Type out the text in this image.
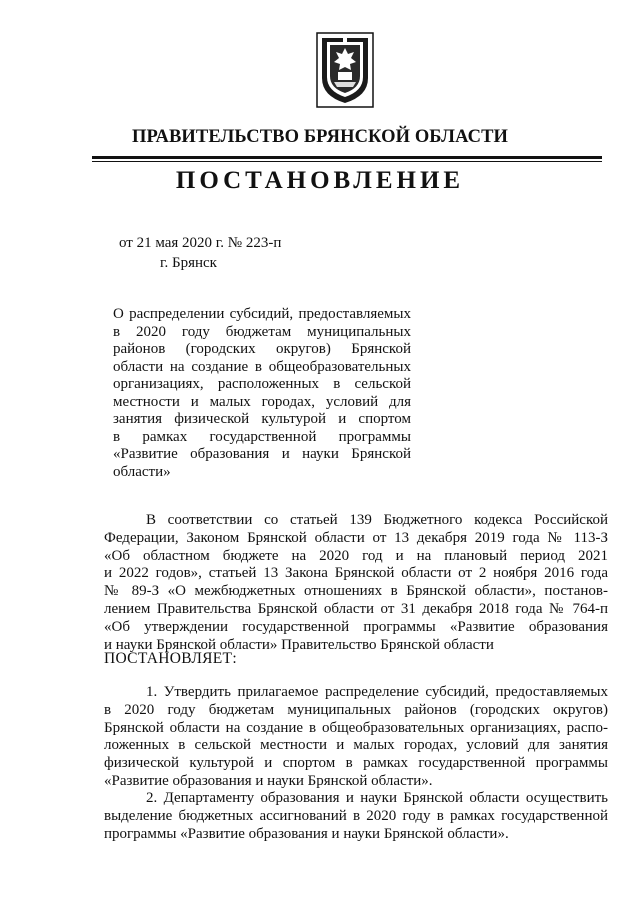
ПРАВИТЕЛЬСТВО БРЯНСКОЙ ОБЛАСТИ
ПОСТАНОВЛЕНИЕ
от 21 мая 2020 г. № 223-п
г. Брянск
О распределении субсидий, предоставляемых
в 2020 году бюджетам муниципальных
районов (городских округов) Брянской
области на создание в общеобразовательных
организациях, расположенных в сельской
местности и малых городах, условий для
занятия физической культурой и спортом
в рамках государственной программы
«Развитие образования и науки Брянской
области»
В соответствии со статьей 139 Бюджетного кодекса Российской
Федерации, Законом Брянской области от 13 декабря 2019 года № 113-З
«Об областном бюджете на 2020 год и на плановый период 2021
и 2022 годов», статьей 13 Закона Брянской области от 2 ноября 2016 года
№ 89-З «О межбюджетных отношениях в Брянской области», постанов-
лением Правительства Брянской области от 31 декабря 2018 года № 764-п
«Об утверждении государственной программы «Развитие образования
и науки Брянской области» Правительство Брянской области
ПОСТАНОВЛЯЕТ:
1. Утвердить прилагаемое распределение субсидий, предоставляемых
в 2020 году бюджетам муниципальных районов (городских округов)
Брянской области на создание в общеобразовательных организациях, распо-
ложенных в сельской местности и малых городах, условий для занятия
физической культурой и спортом в рамках государственной программы
«Развитие образования и науки Брянской области».
2. Департаменту образования и науки Брянской области осуществить
выделение бюджетных ассигнований в 2020 году в рамках государственной
программы «Развитие образования и науки Брянской области».
